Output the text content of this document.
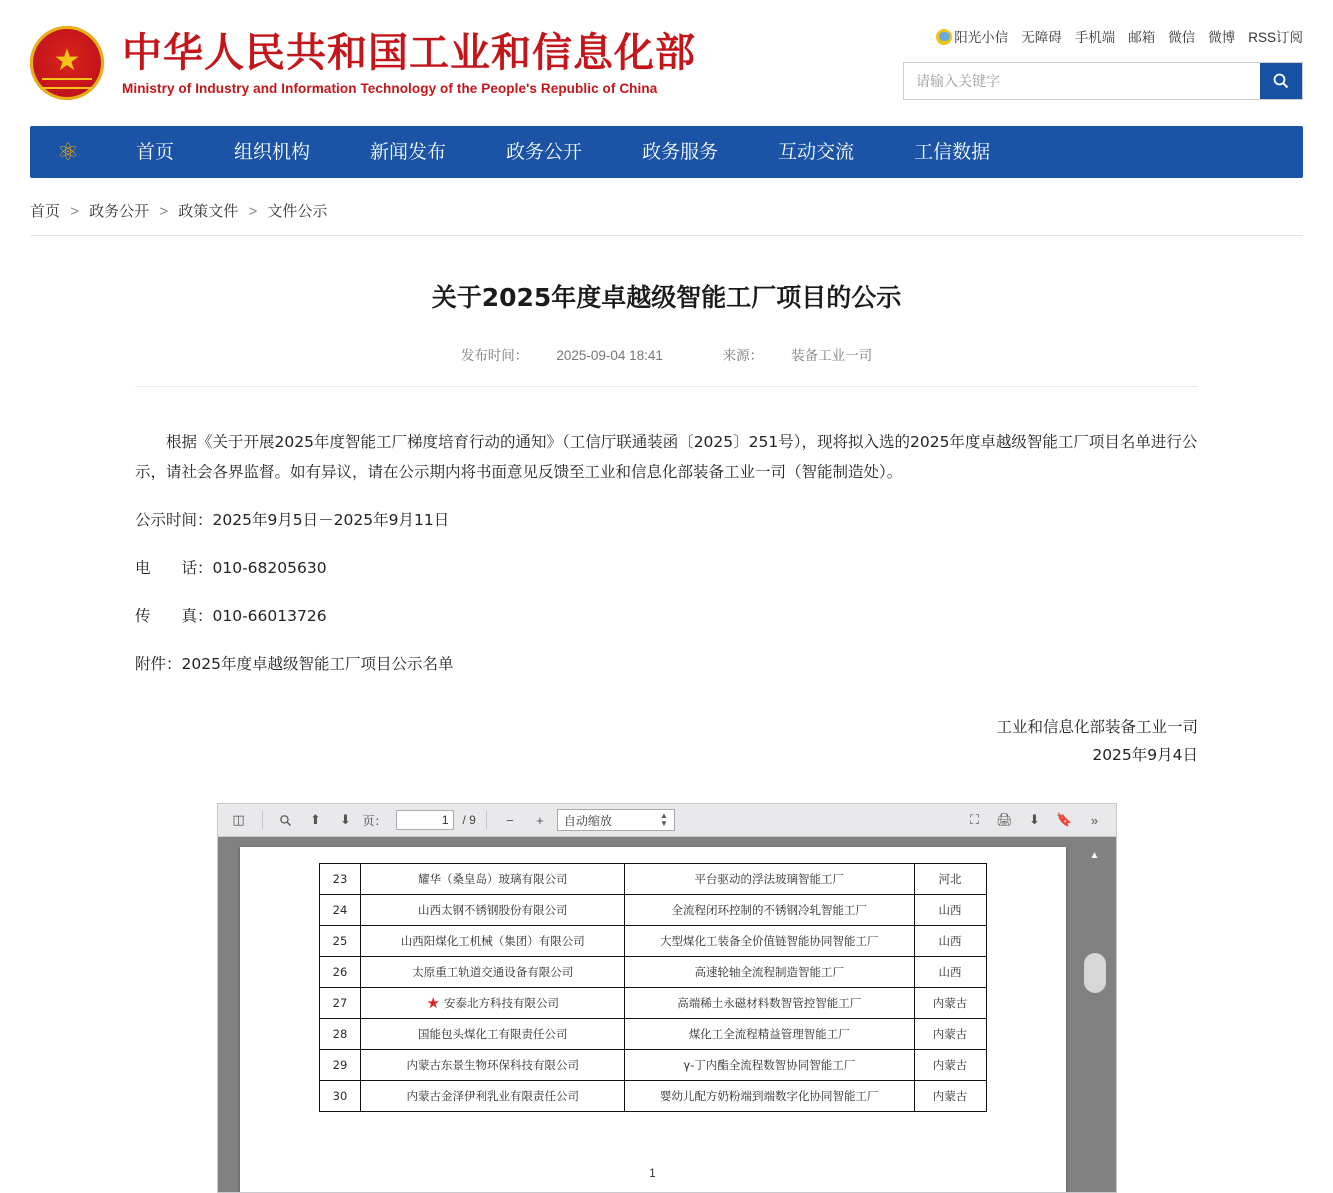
★
中华人民共和国工业和信息化部
Ministry of Industry and Information Technology of the People's Republic of China
阳光小信 无障碍 手机端 邮箱 微信 微博 RSS订阅
请输入关键字
⚛	首页	组织机构	新闻发布	政务公开	政务服务	互动交流	工信数据
首页 > 政务公开 > 政策文件 > 文件公示
关于2025年度卓越级智能工厂项目的公示
发布时间： 2025-09-04 18:41	来源： 装备工业一司

根据《关于开展2025年度智能工厂梯度培育行动的通知》（工信厅联通装函〔2025〕251号），现将拟入选的2025年度卓越级智能工厂项目名单进行公示，请社会各界监督。如有异议，请在公示期内将书面意见反馈至工业和信息化部装备工业一司（智能制造处）。

公示时间：2025年9月5日－2025年9月11日

电　　话：010-68205630

传　　真：010-66013726

附件：2025年度卓越级智能工厂项目公示名单

工业和信息化部装备工业一司
2025年9月4日
◫	⬆	⬇ 页：
1	/ 9	−	+	自动缩放	▲
▼	⛶	🖨	⬇	🔖	»
23	耀华（桑皇岛）玻璃有限公司	平台驱动的浮法玻璃智能工厂	河北
24	山西太钢不锈钢股份有限公司	全流程闭环控制的不锈钢冷轧智能工厂	山西
25	山西阳煤化工机械（集团）有限公司	大型煤化工装备全价值链智能协同智能工厂	山西
26	太原重工轨道交通设备有限公司	高速轮轴全流程制造智能工厂	山西
27	★ 安泰北方科技有限公司	高端稀土永磁材料数智管控智能工厂	内蒙古
28	国能包头煤化工有限责任公司	煤化工全流程精益管理智能工厂	内蒙古
29	内蒙古东景生物环保科技有限公司	γ-丁内酯全流程数智协同智能工厂	内蒙古
30	内蒙古金泽伊利乳业有限责任公司	婴幼儿配方奶粉端到端数字化协同智能工厂	内蒙古
1
▲
